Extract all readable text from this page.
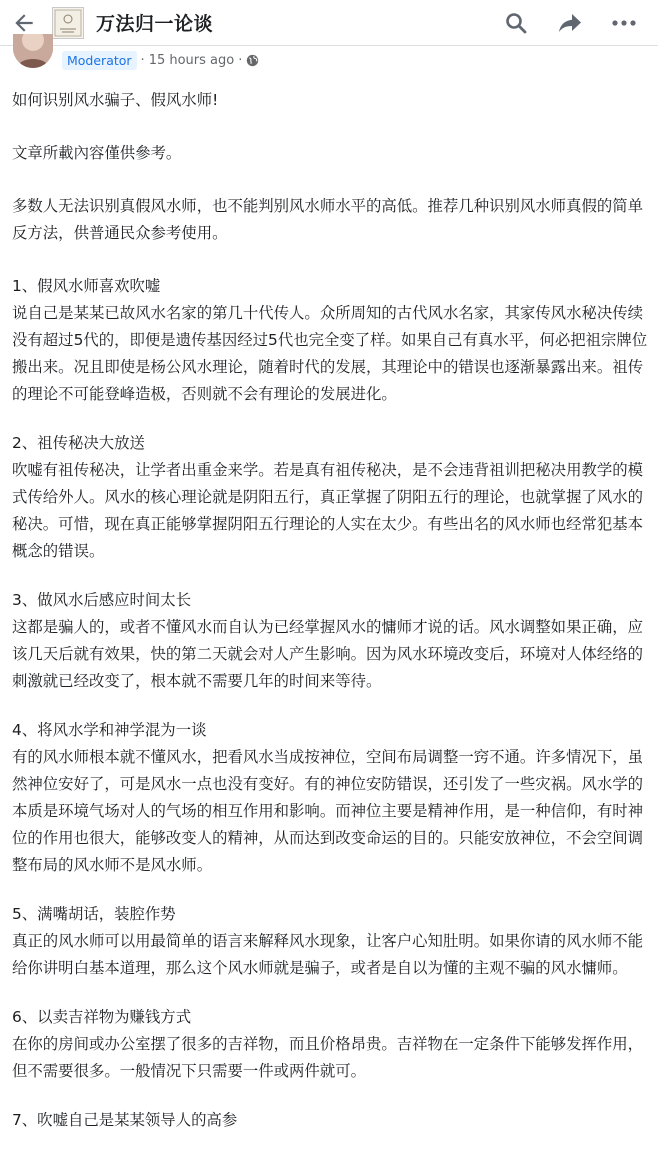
万法归一论谈
Moderator · 15 hours ago ·

如何识别风水骗子、假风水师!

文章所載內容僅供參考。

多数人无法识别真假风水师，也不能判别风水师水平的高低。推荐几种识别风水师真假的简单反方法，供普通民众参考使用。

1、假风水师喜欢吹嘘
说自己是某某已故风水名家的第几十代传人。众所周知的古代风水名家，其家传风水秘决传续没有超过5代的，即便是遗传基因经过5代也完全变了样。如果自己有真水平，何必把祖宗牌位搬出来。况且即使是杨公风水理论，随着时代的发展，其理论中的错误也逐渐暴露出来。祖传的理论不可能登峰造极，否则就不会有理论的发展进化。
2、祖传秘决大放送
吹嘘有祖传秘决，让学者出重金来学。若是真有祖传秘决，是不会违背祖训把秘决用教学的模式传给外人。风水的核心理论就是阴阳五行，真正掌握了阴阳五行的理论，也就掌握了风水的秘决。可惜，现在真正能够掌握阴阳五行理论的人实在太少。有些出名的风水师也经常犯基本概念的错误。
3、做风水后感应时间太长
这都是骗人的，或者不懂风水而自认为已经掌握风水的慵师才说的话。风水调整如果正确，应该几天后就有效果，快的第二天就会对人产生影响。因为风水环境改变后，环境对人体经络的刺激就已经改变了，根本就不需要几年的时间来等待。
4、将风水学和神学混为一谈
有的风水师根本就不懂风水，把看风水当成按神位，空间布局调整一窍不通。许多情况下，虽然神位安好了，可是风水一点也没有变好。有的神位安防错误，还引发了一些灾祸。风水学的本质是环境气场对人的气场的相互作用和影响。而神位主要是精神作用，是一种信仰，有时神位的作用也很大，能够改变人的精神，从而达到改变命运的目的。只能安放神位，不会空间调整布局的风水师不是风水师。
5、满嘴胡话，装腔作势
真正的风水师可以用最简单的语言来解释风水现象，让客户心知肚明。如果你请的风水师不能给你讲明白基本道理，那么这个风水师就是骗子，或者是自以为懂的主观不骗的风水慵师。
6、以卖吉祥物为赚钱方式
在你的房间或办公室摆了很多的吉祥物，而且价格昂贵。吉祥物在一定条件下能够发挥作用，但不需要很多。一般情况下只需要一件或两件就可。
7、吹嘘自己是某某领导人的高参
